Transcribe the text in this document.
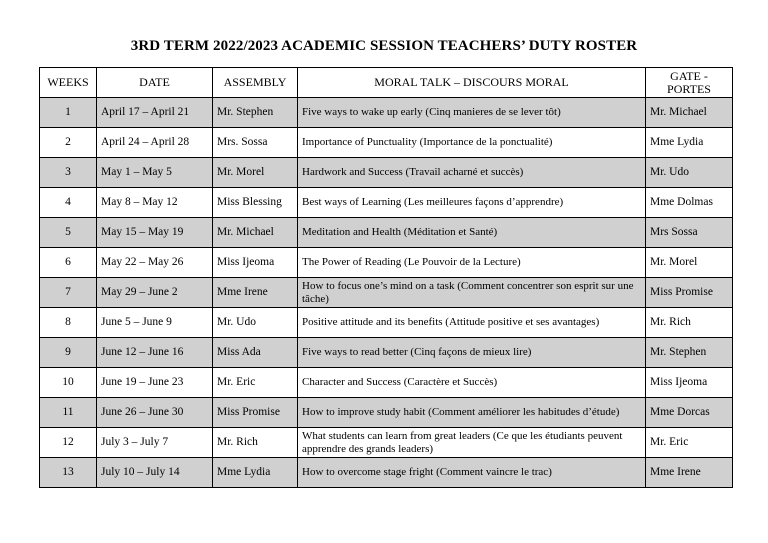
3RD TERM 2022/2023 ACADEMIC SESSION TEACHERS’ DUTY ROSTER
WEEKS	DATE	ASSEMBLY	MORAL TALK – DISCOURS MORAL	GATE - PORTES
1	April 17 – April 21	Mr. Stephen	Five ways to wake up early (Cinq manieres de se lever tôt)	Mr. Michael
2	April 24 – April 28	Mrs. Sossa	Importance of Punctuality (Importance de la ponctualité)	Mme Lydia
3	May 1 – May 5	Mr. Morel	Hardwork and Success (Travail acharné et succès)	Mr. Udo
4	May 8 – May 12	Miss Blessing	Best ways of Learning (Les meilleures façons d’apprendre)	Mme Dolmas
5	May 15 – May 19	Mr. Michael	Meditation and Health (Méditation et Santé)	Mrs Sossa
6	May 22 – May 26	Miss Ijeoma	The Power of Reading (Le Pouvoir de la Lecture)	Mr. Morel
7	May 29 – June 2	Mme Irene	How to focus one’s mind on a task (Comment concentrer son esprit sur une tâche)	Miss Promise
8	June 5 – June 9	Mr. Udo	Positive attitude and its benefits (Attitude positive et ses avantages)	Mr. Rich
9	June 12 – June 16	Miss Ada	Five ways to read better (Cinq façons de mieux lire)	Mr. Stephen
10	June 19 – June 23	Mr. Eric	Character and Success (Caractère et Succès)	Miss Ijeoma
11	June 26 – June 30	Miss Promise	How to improve study habit (Comment améliorer les habitudes d’étude)	Mme Dorcas
12	July 3 – July 7	Mr. Rich	What students can learn from great leaders (Ce que les étudiants peuvent apprendre des grands leaders)	Mr. Eric
13	July 10 – July 14	Mme Lydia	How to overcome stage fright (Comment vaincre le trac)	Mme Irene
